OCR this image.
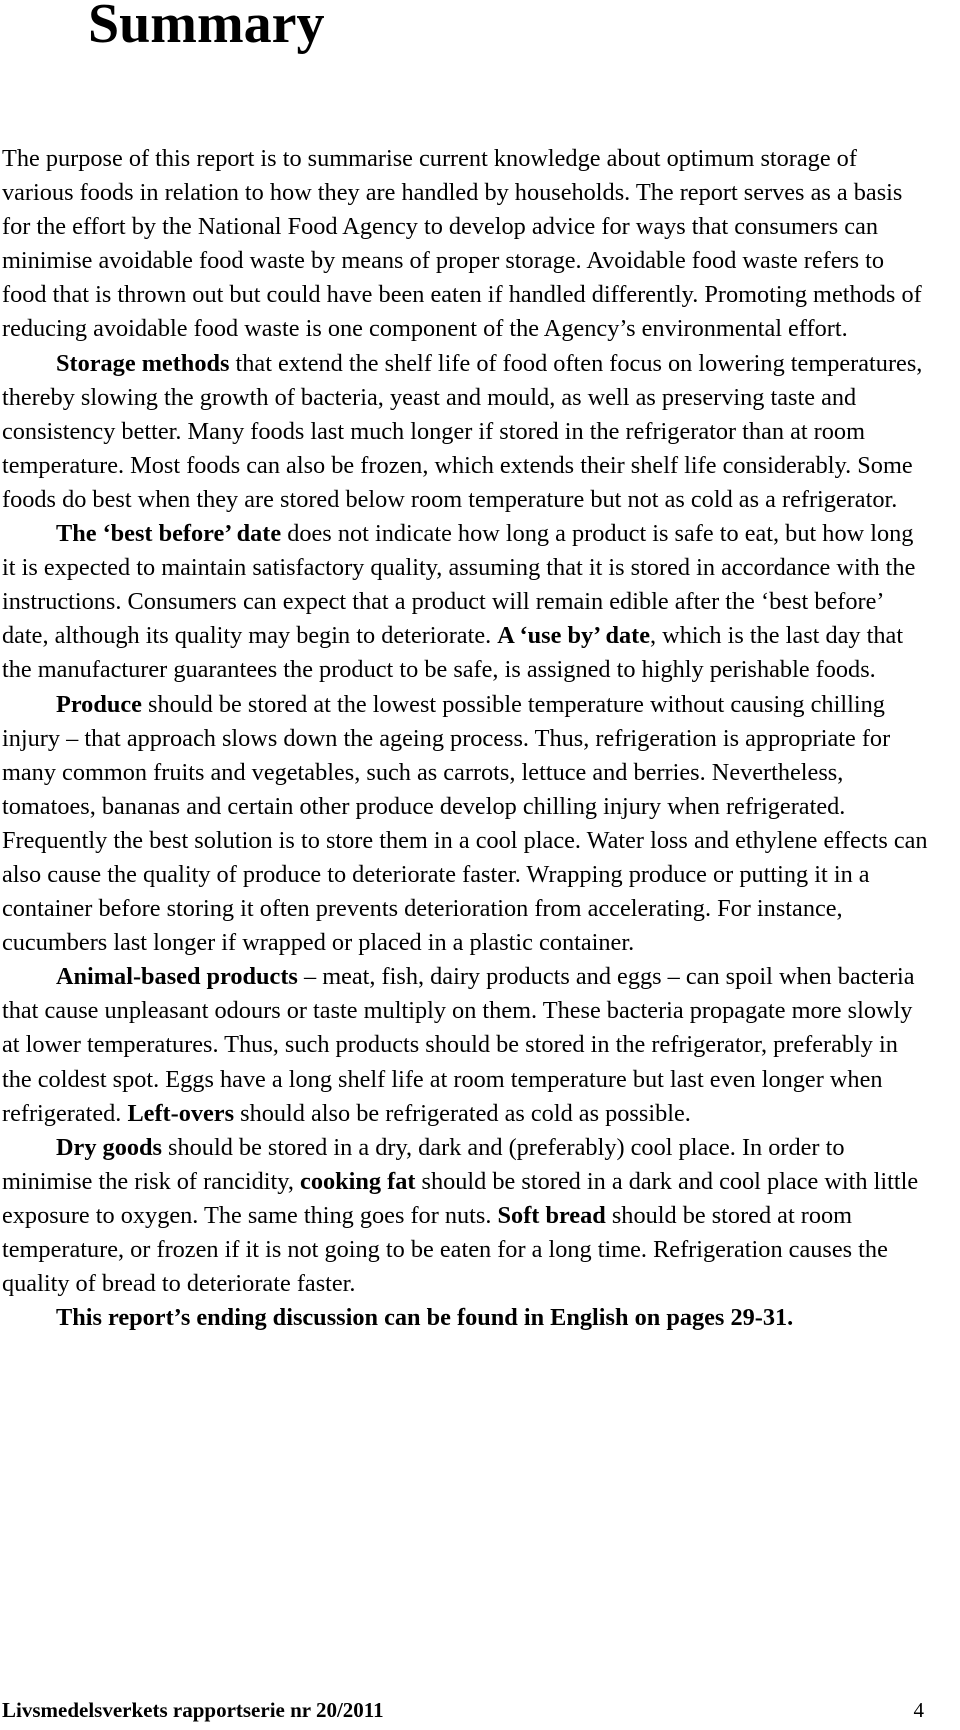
Summary

The purpose of this report is to summarise current knowledge about optimum storage of various foods in relation to how they are handled by households. The report serves as a basis for the effort by the National Food Agency to develop advice for ways that consumers can minimise avoidable food waste by means of proper storage. Avoidable food waste refers to food that is thrown out but could have been eaten if handled differently. Promoting methods of reducing avoidable food waste is one component of the Agency’s environmental effort.

Storage methods that extend the shelf life of food often focus on lowering temperatures, thereby slowing the growth of bacteria, yeast and mould, as well as preserving taste and consistency better. Many foods last much longer if stored in the refrigerator than at room temperature. Most foods can also be frozen, which extends their shelf life considerably. Some foods do best when they are stored below room temperature but not as cold as a refrigerator.

The ‘best before’ date does not indicate how long a product is safe to eat, but how long it is expected to maintain satisfactory quality, assuming that it is stored in accordance with the instructions. Consumers can expect that a product will remain edible after the ‘best before’ date, although its quality may begin to deteriorate. A ‘use by’ date, which is the last day that the manufacturer guarantees the product to be safe, is assigned to highly perishable foods.

Produce should be stored at the lowest possible temperature without causing chilling injury – that approach slows down the ageing process. Thus, refrigeration is appropriate for many common fruits and vegetables, such as carrots, lettuce and berries. Nevertheless, tomatoes, bananas and certain other produce develop chilling injury when refrigerated. Frequently the best solution is to store them in a cool place. Water loss and ethylene effects can also cause the quality of produce to deteriorate faster. Wrapping produce or putting it in a container before storing it often prevents deterioration from accelerating. For instance, cucumbers last longer if wrapped or placed in a plastic container.

Animal-based products – meat, fish, dairy products and eggs – can spoil when bacteria that cause unpleasant odours or taste multiply on them. These bacteria propagate more slowly at lower temperatures. Thus, such products should be stored in the refrigerator, preferably in the coldest spot. Eggs have a long shelf life at room temperature but last even longer when refrigerated. Left-overs should also be refrigerated as cold as possible.

Dry goods should be stored in a dry, dark and (preferably) cool place. In order to minimise the risk of rancidity, cooking fat should be stored in a dark and cool place with little exposure to oxygen. The same thing goes for nuts. Soft bread should be stored at room temperature, or frozen if it is not going to be eaten for a long time. Refrigeration causes the quality of bread to deteriorate faster.

This report’s ending discussion can be found in English on pages 29-31.

Livsmedelsverkets rapportserie nr 20/2011	4
